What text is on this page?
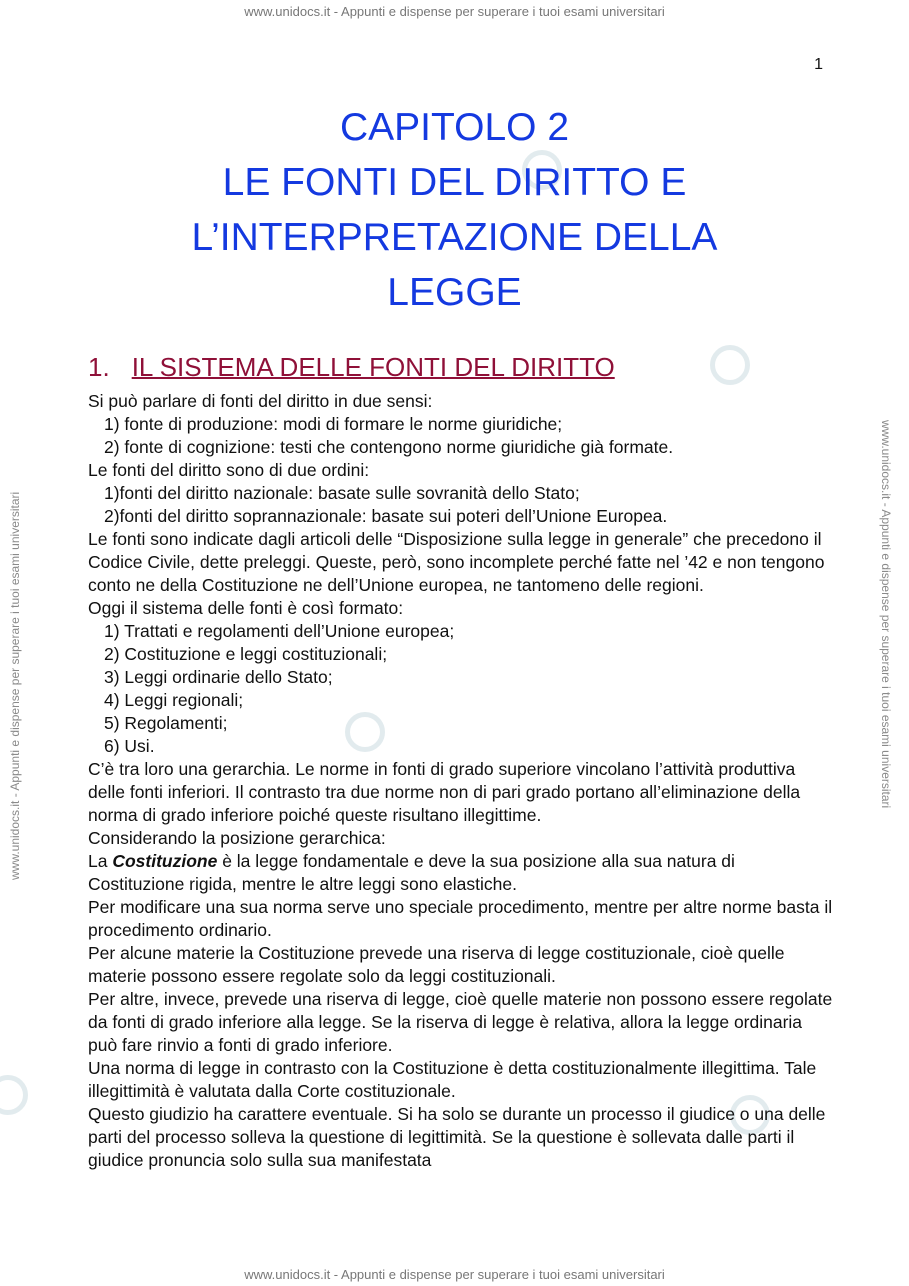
www.unidocs.it - Appunti e dispense per superare i tuoi esami universitari
www.unidocs.it - Appunti e dispense per superare i tuoi esami universitari	www.unidocs.it - Appunti e dispense per superare i tuoi esami universitari
www.unidocs.it - Appunti e dispense per superare i tuoi esami universitari
1
CAPITOLO 2
LE FONTI DEL DIRITTO E
L’INTERPRETAZIONE DELLA
LEGGE
1. IL SISTEMA DELLE FONTI DEL DIRITTO

Si può parlare di fonti del diritto in due sensi:

1) fonte di produzione: modi di formare le norme giuridiche;

2) fonte di cognizione: testi che contengono norme giuridiche già formate.

Le fonti del diritto sono di due ordini:

1)fonti del diritto nazionale: basate sulle sovranità dello Stato;

2)fonti del diritto soprannazionale: basate sui poteri dell’Unione Europea.

Le fonti sono indicate dagli articoli delle “Disposizione sulla legge in generale” che precedono il Codice Civile, dette preleggi. Queste, però, sono incomplete perché fatte nel ’42 e non tengono conto ne della Costituzione ne dell’Unione europea, ne tantomeno delle regioni.

Oggi il sistema delle fonti è così formato:

1) Trattati e regolamenti dell’Unione europea;

2) Costituzione e leggi costituzionali;

3) Leggi ordinarie dello Stato;

4) Leggi regionali;

5) Regolamenti;

6) Usi.

C’è tra loro una gerarchia. Le norme in fonti di grado superiore vincolano l’attività produttiva delle fonti inferiori. Il contrasto tra due norme non di pari grado portano all’eliminazione della norma di grado inferiore poiché queste risultano illegittime.

Considerando la posizione gerarchica:

La Costituzione è la legge fondamentale e deve la sua posizione alla sua natura di Costituzione rigida, mentre le altre leggi sono elastiche.

Per modificare una sua norma serve uno speciale procedimento, mentre per altre norme basta il procedimento ordinario.

Per alcune materie la Costituzione prevede una riserva di legge costituzionale, cioè quelle materie possono essere regolate solo da leggi costituzionali.

Per altre, invece, prevede una riserva di legge, cioè quelle materie non possono essere regolate da fonti di grado inferiore alla legge. Se la riserva di legge è relativa, allora la legge ordinaria può fare rinvio a fonti di grado inferiore.

Una norma di legge in contrasto con la Costituzione è detta costituzionalmente illegittima. Tale illegittimità è valutata dalla Corte costituzionale.

Questo giudizio ha carattere eventuale. Si ha solo se durante un processo il giudice o una delle parti del processo solleva la questione di legittimità. Se la questione è sollevata dalle parti il giudice pronuncia solo sulla sua manifestata
